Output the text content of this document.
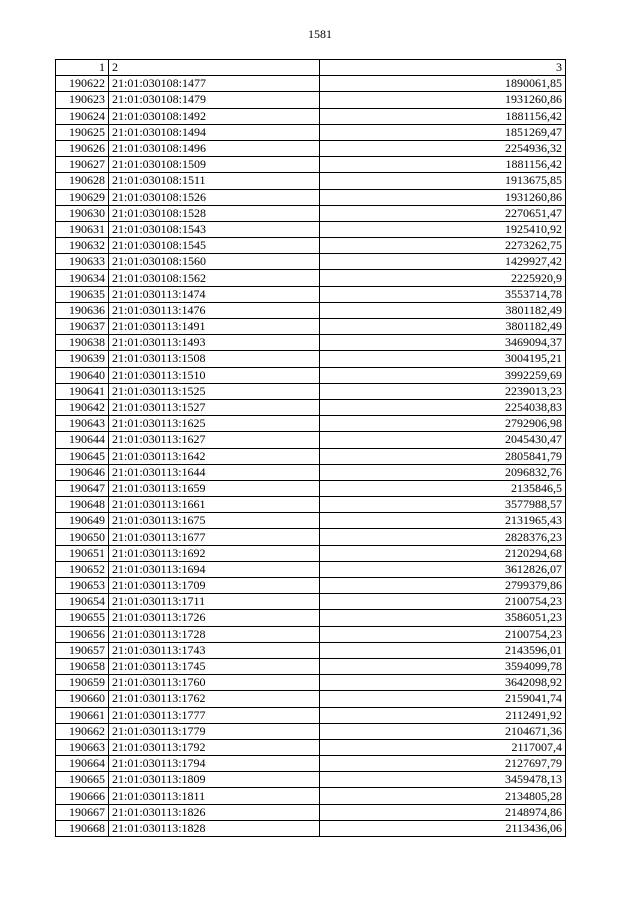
1581
1	2	3
190622	21:01:030108:1477	1890061,85
190623	21:01:030108:1479	1931260,86
190624	21:01:030108:1492	1881156,42
190625	21:01:030108:1494	1851269,47
190626	21:01:030108:1496	2254936,32
190627	21:01:030108:1509	1881156,42
190628	21:01:030108:1511	1913675,85
190629	21:01:030108:1526	1931260,86
190630	21:01:030108:1528	2270651,47
190631	21:01:030108:1543	1925410,92
190632	21:01:030108:1545	2273262,75
190633	21:01:030108:1560	1429927,42
190634	21:01:030108:1562	2225920,9
190635	21:01:030113:1474	3553714,78
190636	21:01:030113:1476	3801182,49
190637	21:01:030113:1491	3801182,49
190638	21:01:030113:1493	3469094,37
190639	21:01:030113:1508	3004195,21
190640	21:01:030113:1510	3992259,69
190641	21:01:030113:1525	2239013,23
190642	21:01:030113:1527	2254038,83
190643	21:01:030113:1625	2792906,98
190644	21:01:030113:1627	2045430,47
190645	21:01:030113:1642	2805841,79
190646	21:01:030113:1644	2096832,76
190647	21:01:030113:1659	2135846,5
190648	21:01:030113:1661	3577988,57
190649	21:01:030113:1675	2131965,43
190650	21:01:030113:1677	2828376,23
190651	21:01:030113:1692	2120294,68
190652	21:01:030113:1694	3612826,07
190653	21:01:030113:1709	2799379,86
190654	21:01:030113:1711	2100754,23
190655	21:01:030113:1726	3586051,23
190656	21:01:030113:1728	2100754,23
190657	21:01:030113:1743	2143596,01
190658	21:01:030113:1745	3594099,78
190659	21:01:030113:1760	3642098,92
190660	21:01:030113:1762	2159041,74
190661	21:01:030113:1777	2112491,92
190662	21:01:030113:1779	2104671,36
190663	21:01:030113:1792	2117007,4
190664	21:01:030113:1794	2127697,79
190665	21:01:030113:1809	3459478,13
190666	21:01:030113:1811	2134805,28
190667	21:01:030113:1826	2148974,86
190668	21:01:030113:1828	2113436,06
